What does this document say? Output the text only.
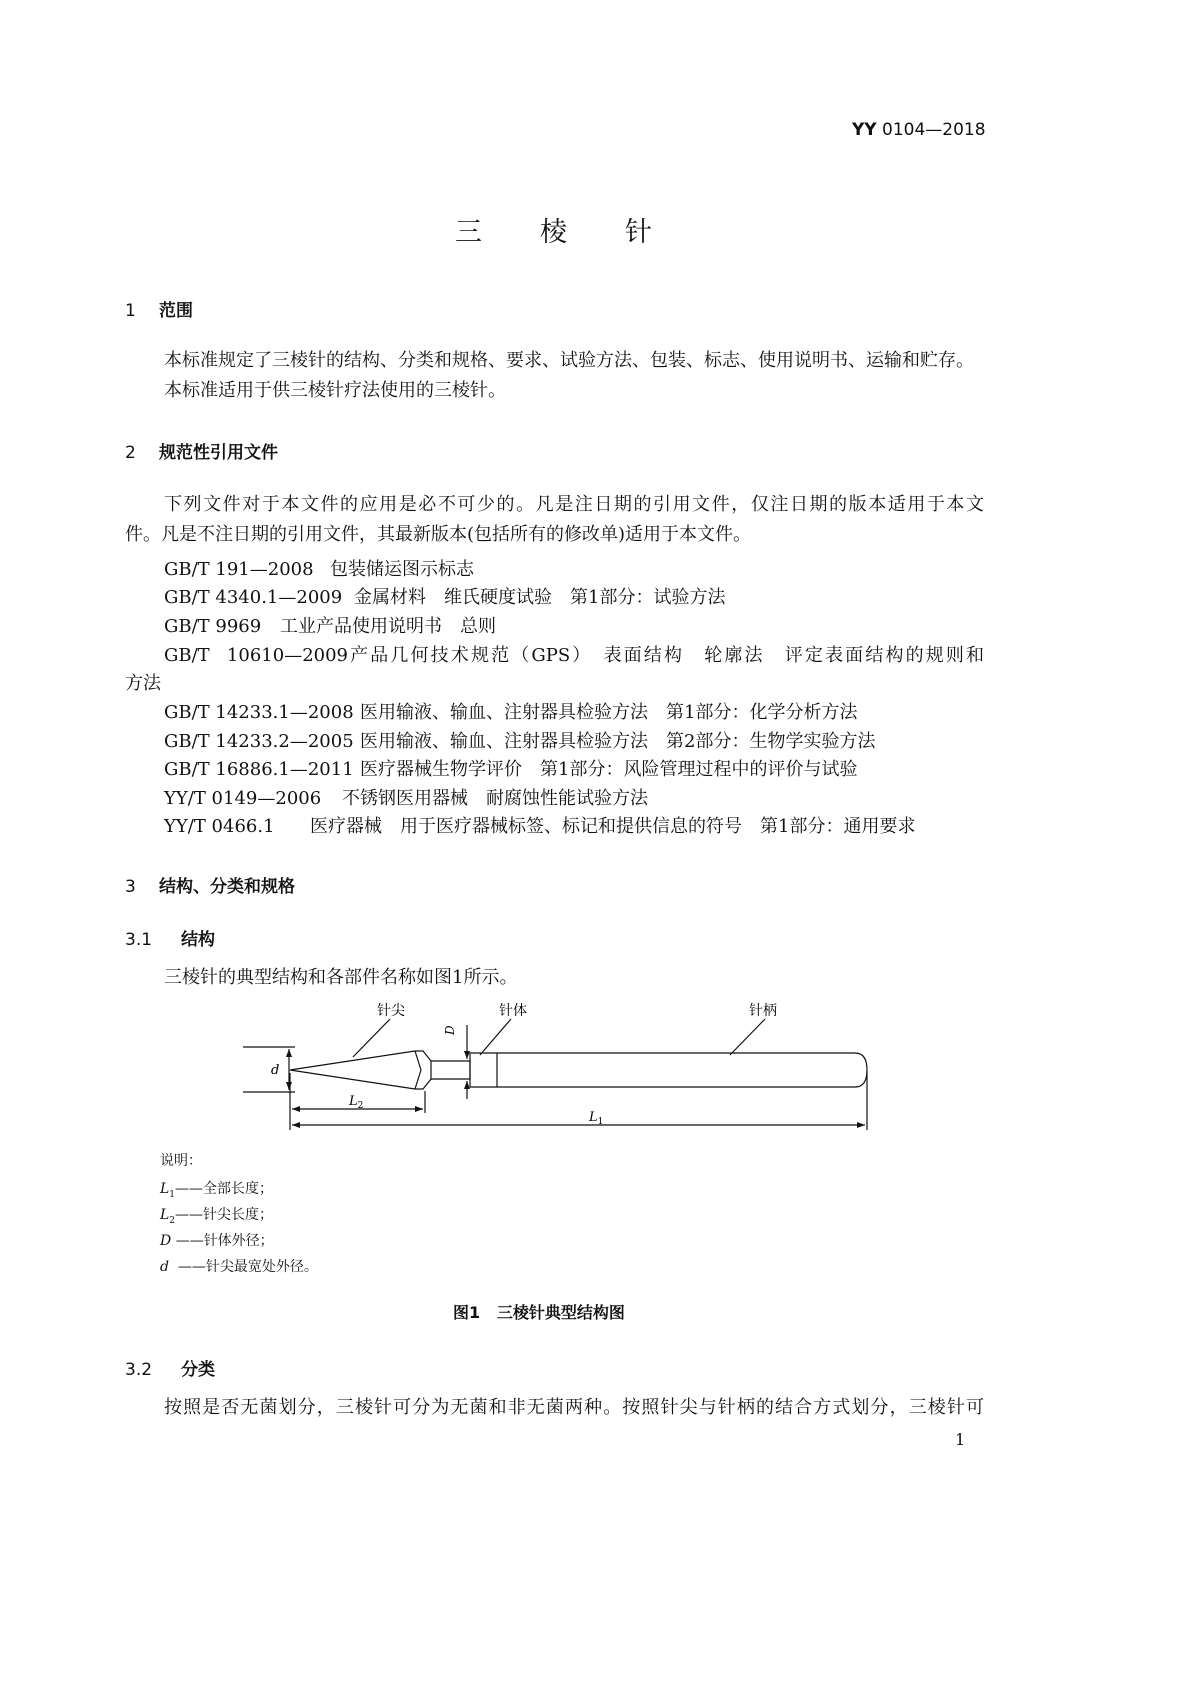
YY 0104—2018
三棱针
1 范围
本标准规定了三棱针的结构、分类和规格、要求、试验方法、包装、标志、使用说明书、运输和贮存。
本标准适用于供三棱针疗法使用的三棱针。
2 规范性引用文件
下列文件对于本文件的应用是必不可少的。凡是注日期的引用文件，仅注日期的版本适用于本文
件。凡是不注日期的引用文件，其最新版本(包括所有的修改单)适用于本文件。
GB/T 191—2008 包装储运图示标志
GB/T 4340.1—2009 金属材料　维氏硬度试验　第1部分：试验方法
GB/T 9969 工业产品使用说明书　总则
GB/T 10610—2009产品几何技术规范（GPS）　表面结构　轮廓法　评定表面结构的规则和
方法
GB/T 14233.1—2008 医用输液、输血、注射器具检验方法　第1部分：化学分析方法
GB/T 14233.2—2005 医用输液、输血、注射器具检验方法　第2部分：生物学实验方法
GB/T 16886.1—2011 医疗器械生物学评价　第1部分：风险管理过程中的评价与试验
YY/T 0149—2006 不锈钢医用器械　耐腐蚀性能试验方法
YY/T 0466.1 医疗器械　用于医疗器械标签、标记和提供信息的符号　第1部分：通用要求
3 结构、分类和规格
3.1 结构
三棱针的典型结构和各部件名称如图1所示。
针尖	针体	针柄
D
d
$L_2$
$L_1$
说明：
$L_1——$全部长度；
$L_2——$针尖长度；
D ——针体外径；
d ——针尖最宽处外径。
图1 三棱针典型结构图
3.2 分类
按照是否无菌划分，三棱针可分为无菌和非无菌两种。按照针尖与针柄的结合方式划分，三棱针可
1
